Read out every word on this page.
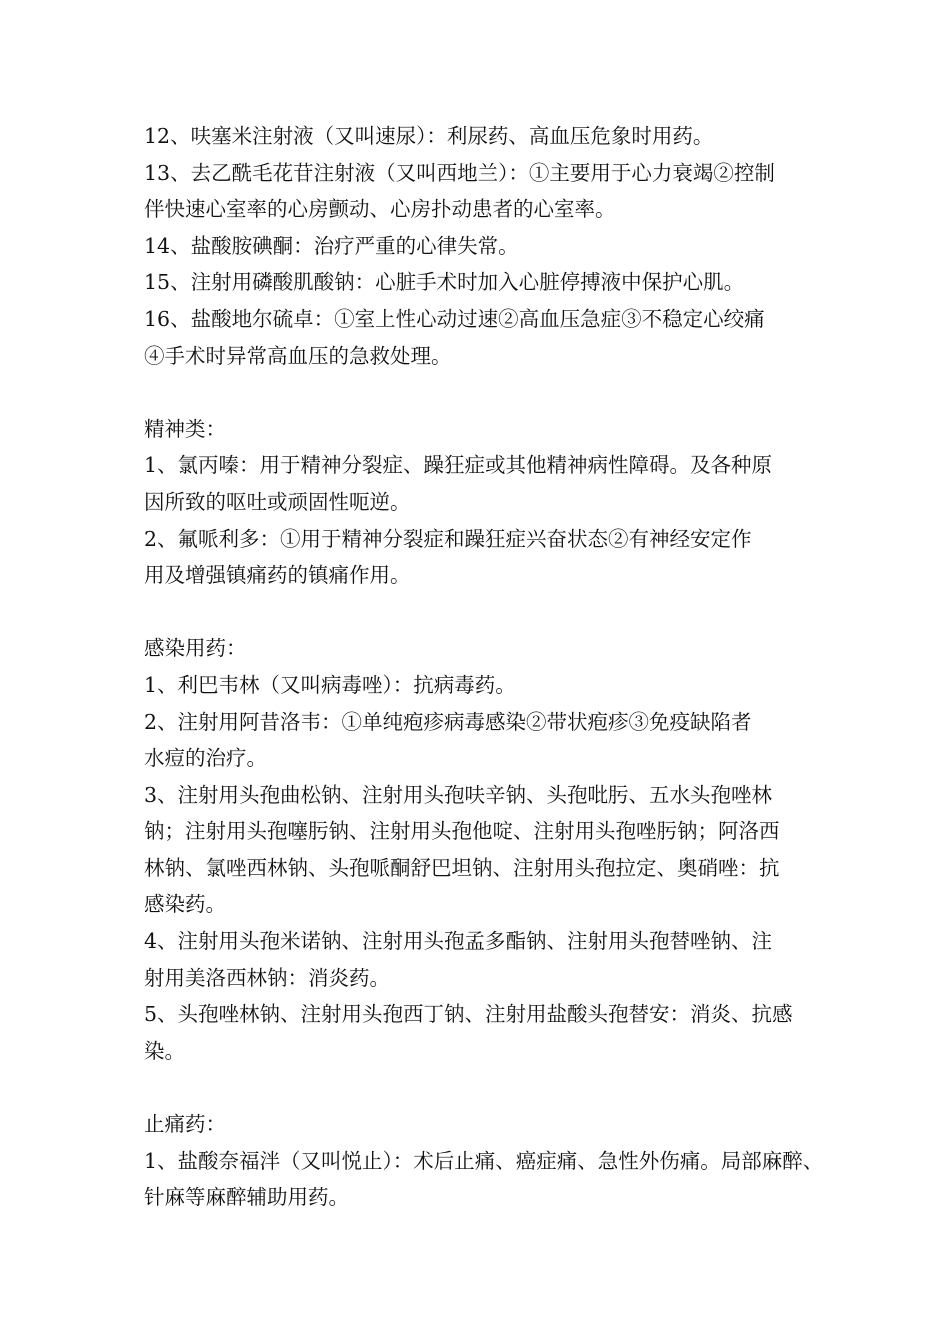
12、呋塞米注射液（又叫速尿）：利尿药、高血压危象时用药。
13、去乙酰毛花苷注射液（又叫西地兰）：①主要用于心力衰竭②控制
伴快速心室率的心房颤动、心房扑动患者的心室率。
14、盐酸胺碘酮：治疗严重的心律失常。
15、注射用磷酸肌酸钠：心脏手术时加入心脏停搏液中保护心肌。
16、盐酸地尔硫卓：①室上性心动过速②高血压急症③不稳定心绞痛
④手术时异常高血压的急救处理。
精神类：
1、氯丙嗪：用于精神分裂症、躁狂症或其他精神病性障碍。及各种原
因所致的呕吐或顽固性呃逆。
2、氟哌利多：①用于精神分裂症和躁狂症兴奋状态②有神经安定作
用及增强镇痛药的镇痛作用。
感染用药：
1、利巴韦林（又叫病毒唑）：抗病毒药。
2、注射用阿昔洛韦：①单纯疱疹病毒感染②带状疱疹③免疫缺陷者
水痘的治疗。
3、注射用头孢曲松钠、注射用头孢呋辛钠、头孢吡肟、五水头孢唑林
钠；注射用头孢噻肟钠、注射用头孢他啶、注射用头孢唑肟钠；阿洛西
林钠、氯唑西林钠、头孢哌酮舒巴坦钠、注射用头孢拉定、奥硝唑：抗
感染药。
4、注射用头孢米诺钠、注射用头孢孟多酯钠、注射用头孢替唑钠、注
射用美洛西林钠：消炎药。
5、头孢唑林钠、注射用头孢西丁钠、注射用盐酸头孢替安：消炎、抗感
染。
止痛药：
1、盐酸奈福泮（又叫悦止）：术后止痛、癌症痛、急性外伤痛。局部麻醉、
针麻等麻醉辅助用药。
